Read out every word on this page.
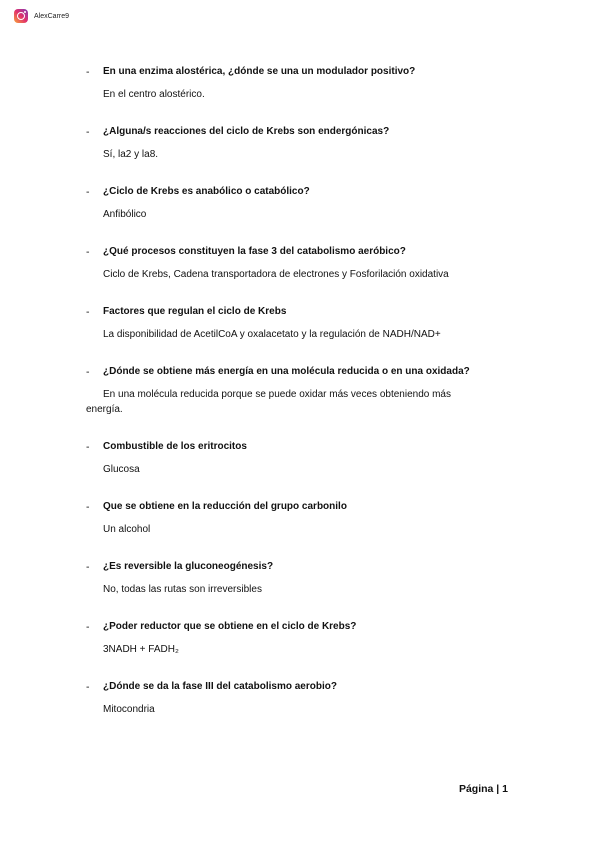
AlexCarre9
- En una enzima alostérica, ¿dónde se una un modulador positivo?

En el centro alostérico.

- ¿Alguna/s reacciones del ciclo de Krebs son endergónicas?

Sí, la2 y la8.

- ¿Ciclo de Krebs es anabólico o catabólico?

Anfibólico

- ¿Qué procesos constituyen la fase 3 del catabolismo aeróbico?

Ciclo de Krebs, Cadena transportadora de electrones y Fosforilación oxidativa

- Factores que regulan el ciclo de Krebs

La disponibilidad de AcetilCoA y oxalacetato y la regulación de NADH/NAD+

- ¿Dónde se obtiene más energía en una molécula reducida o en una oxidada?

En una molécula reducida porque se puede oxidar más veces obteniendo más
energía.

- Combustible de los eritrocitos

Glucosa

- Que se obtiene en la reducción del grupo carbonilo

Un alcohol

- ¿Es reversible la gluconeogénesis?

No, todas las rutas son irreversibles

- ¿Poder reductor que se obtiene en el ciclo de Krebs?

3NADH + FADH₂

- ¿Dónde se da la fase III del catabolismo aerobio?

Mitocondria

Página | 1
